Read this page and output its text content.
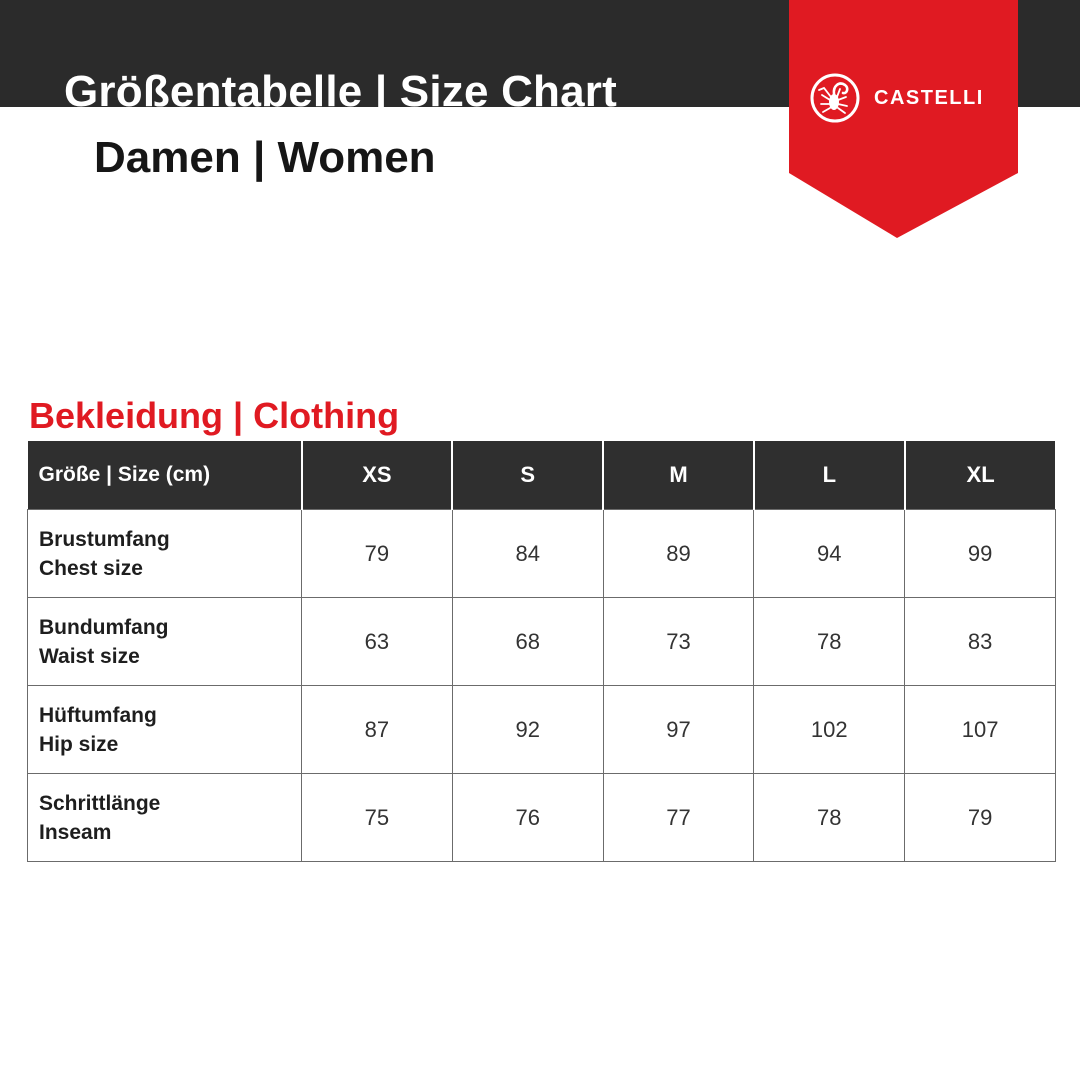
Größentabelle | Size Chart
Damen | Women
CASTELLI
Bekleidung | Clothing
Größe | Size (cm)	XS	S	M	L	XL

Brustumfang
Chest size	79	84	89	94	99

Bundumfang
Waist size	63	68	73	78	83

Hüftumfang
Hip size	87	92	97	102	107

Schrittlänge
Inseam	75	76	77	78	79
